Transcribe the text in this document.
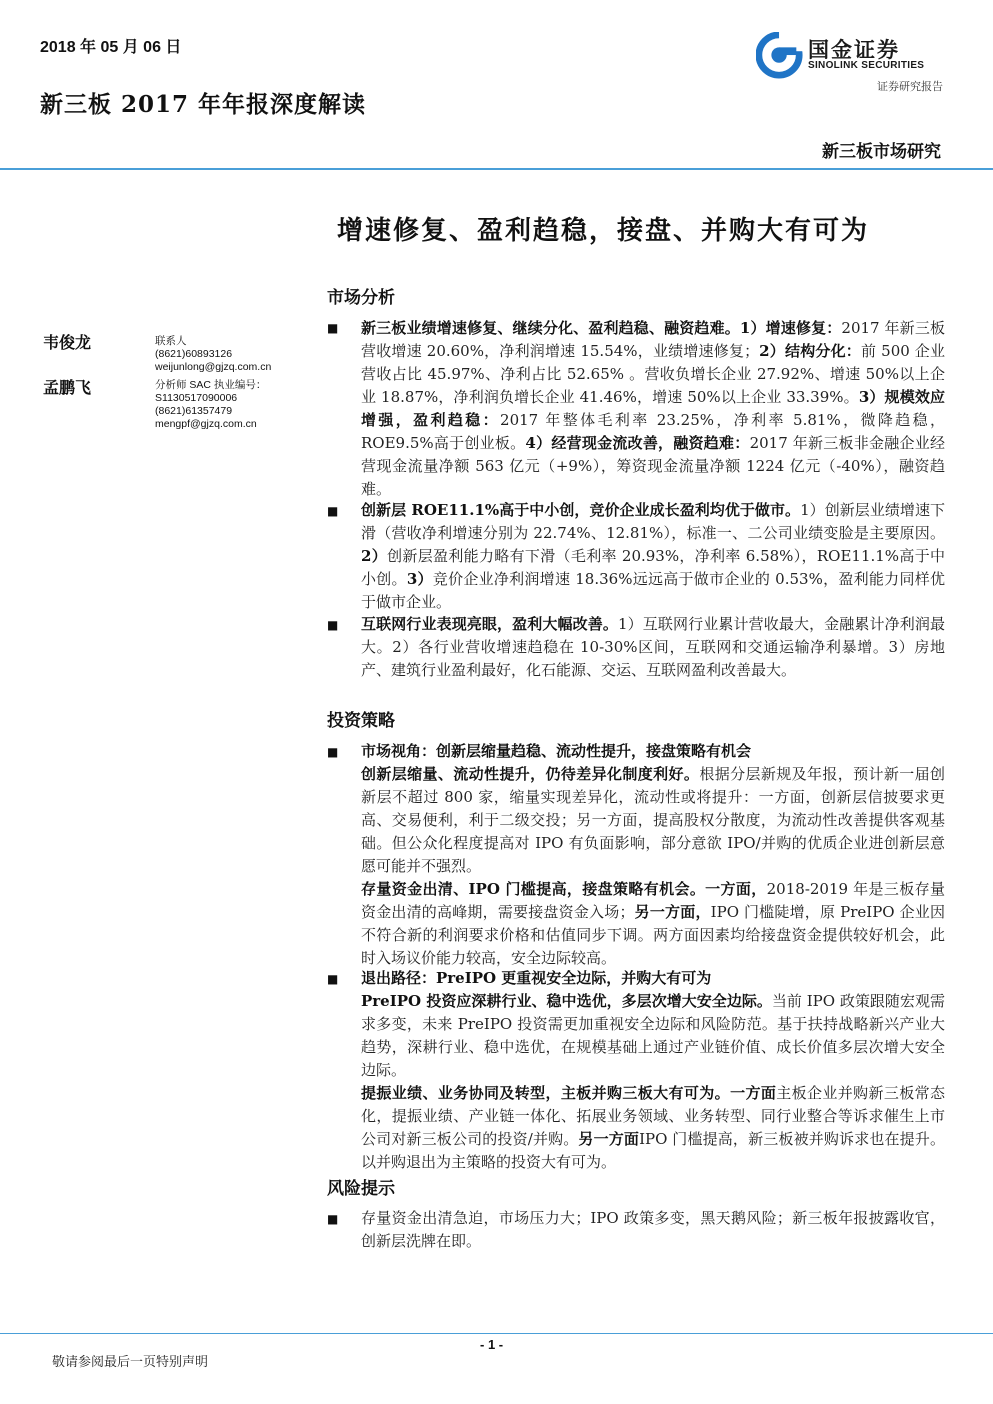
2018 年 05 月 06 日
新三板 2017 年年报深度解读
国金证券
SINOLINK SECURITIES
证券研究报告
新三板市场研究
增速修复、盈利趋稳，接盘、并购大有可为
韦俊龙	联系人
(8621)60893126
weijunlong@gjzq.com.cn
孟鹏飞	分析师 SAC 执业编号：
S1130517090006
(8621)61357479
mengpf@gjzq.com.cn
市场分析
■ 新三板业绩增速修复、继续分化、盈利趋稳、融资趋难。1）增速修复：2017 年新三板营收增速 20.60%，净利润增速 15.54%，业绩增速修复；2）结构分化：前 500 企业营收占比 45.97%、净利占比 52.65% 。营收负增长企业 27.92%、增速 50%以上企业 18.87%，净利润负增长企业 41.46%，增速 50%以上企业 33.39%。3）规模效应增强，盈利趋稳：2017 年整体毛利率 23.25%，净利率 5.81%，微降趋稳，ROE9.5%高于创业板。4）经营现金流改善，融资趋难：2017 年新三板非金融企业经营现金流量净额 563 亿元（+9%），筹资现金流量净额 1224 亿元（-40%），融资趋难。
■ 创新层 ROE11.1%高于中小创，竞价企业成长盈利均优于做市。1）创新层业绩增速下滑（营收净利增速分别为 22.74%、12.81%），标准一、二公司业绩变脸是主要原因。2）创新层盈利能力略有下滑（毛利率 20.93%，净利率 6.58%），ROE11.1%高于中小创。3）竞价企业净利润增速 18.36%远远高于做市企业的 0.53%，盈利能力同样优于做市企业。
■ 互联网行业表现亮眼，盈利大幅改善。1）互联网行业累计营收最大，金融累计净利润最大。2）各行业营收增速趋稳在 10-30%区间，互联网和交通运输净利暴增。3）房地产、建筑行业盈利最好，化石能源、交运、互联网盈利改善最大。
投资策略
■ 市场视角：创新层缩量趋稳、流动性提升，接盘策略有机会
创新层缩量、流动性提升，仍待差异化制度利好。根据分层新规及年报，预计新一届创新层不超过 800 家，缩量实现差异化，流动性或将提升：一方面，创新层信披要求更高、交易便利，利于二级交投；另一方面，提高股权分散度，为流动性改善提供客观基础。但公众化程度提高对 IPO 有负面影响，部分意欲 IPO/并购的优质企业进创新层意愿可能并不强烈。
存量资金出清、IPO 门槛提高，接盘策略有机会。一方面，2018-2019 年是三板存量资金出清的高峰期，需要接盘资金入场；另一方面，IPO 门槛陡增，原 PreIPO 企业因不符合新的利润要求价格和估值同步下调。两方面因素均给接盘资金提供较好机会，此时入场议价能力较高，安全边际较高。
■ 退出路径：PreIPO 更重视安全边际，并购大有可为
PreIPO 投资应深耕行业、稳中选优，多层次增大安全边际。当前 IPO 政策跟随宏观需求多变，未来 PreIPO 投资需更加重视安全边际和风险防范。基于扶持战略新兴产业大趋势，深耕行业、稳中选优，在规模基础上通过产业链价值、成长价值多层次增大安全边际。
提振业绩、业务协同及转型，主板并购三板大有可为。一方面主板企业并购新三板常态化，提振业绩、产业链一体化、拓展业务领域、业务转型、同行业整合等诉求催生上市公司对新三板公司的投资/并购。另一方面IPO 门槛提高，新三板被并购诉求也在提升。以并购退出为主策略的投资大有可为。
风险提示
■ 存量资金出清急迫，市场压力大；IPO 政策多变，黑天鹅风险；新三板年报披露收官，创新层洗牌在即。
- 1 -
敬请参阅最后一页特别声明
